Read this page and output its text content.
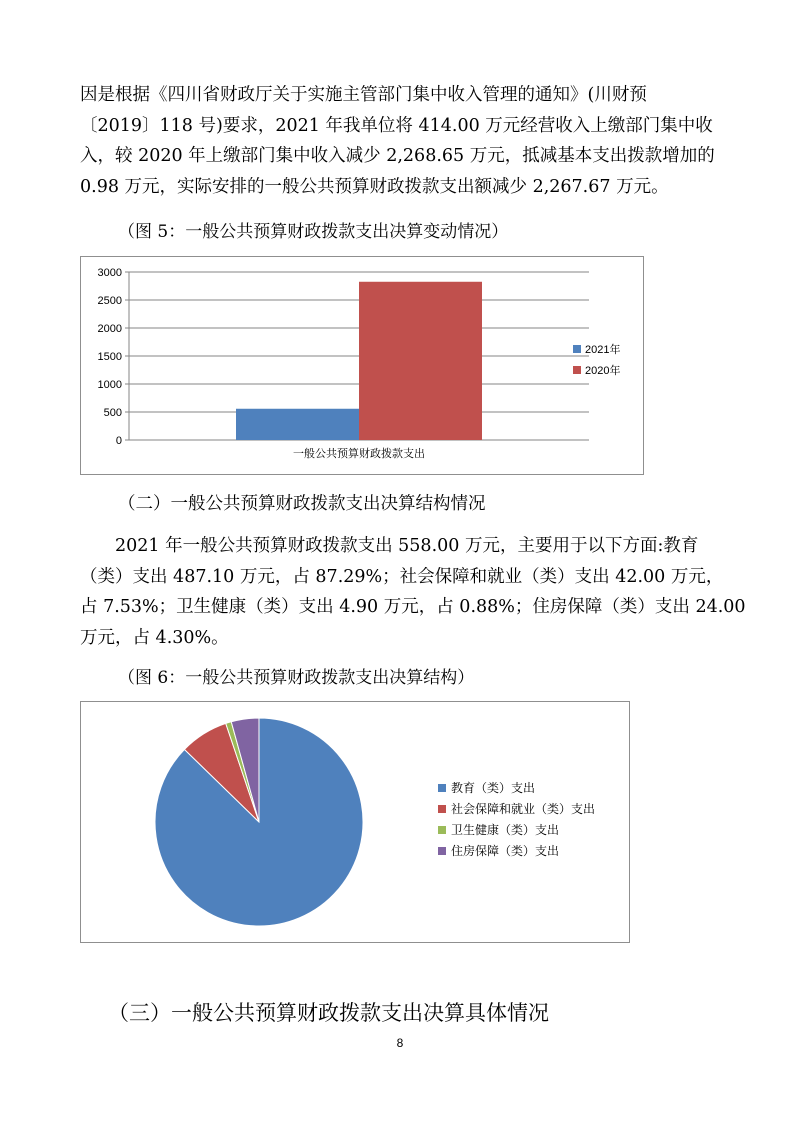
因是根据《四川省财政厅关于实施主管部门集中收入管理的通知》(川财预

〔2019〕118 号)要求，2021 年我单位将 414.00 万元经营收入上缴部门集中收

入，较 2020 年上缴部门集中收入减少 2,268.65 万元，抵减基本支出拨款增加的

0.98 万元，实际安排的一般公共预算财政拨款支出额减少 2,267.67 万元。

（图 5：一般公共预算财政拨款支出决算变动情况）
0
500
1000
1500
2000
2500
3000
一般公共预算财政拨款支出
2021年
2020年

（二）一般公共预算财政拨款支出决算结构情况

2021 年一般公共预算财政拨款支出 558.00 万元，主要用于以下方面:教育

（类）支出 487.10 万元，占 87.29%；社会保障和就业（类）支出 42.00 万元，

占 7.53%；卫生健康（类）支出 4.90 万元，占 0.88%；住房保障（类）支出 24.00

万元，占 4.30%。

（图 6：一般公共预算财政拨款支出决算结构）
教育（类）支出
社会保障和就业（类）支出
卫生健康（类）支出
住房保障（类）支出
（三）一般公共预算财政拨款支出决算具体情况
8
